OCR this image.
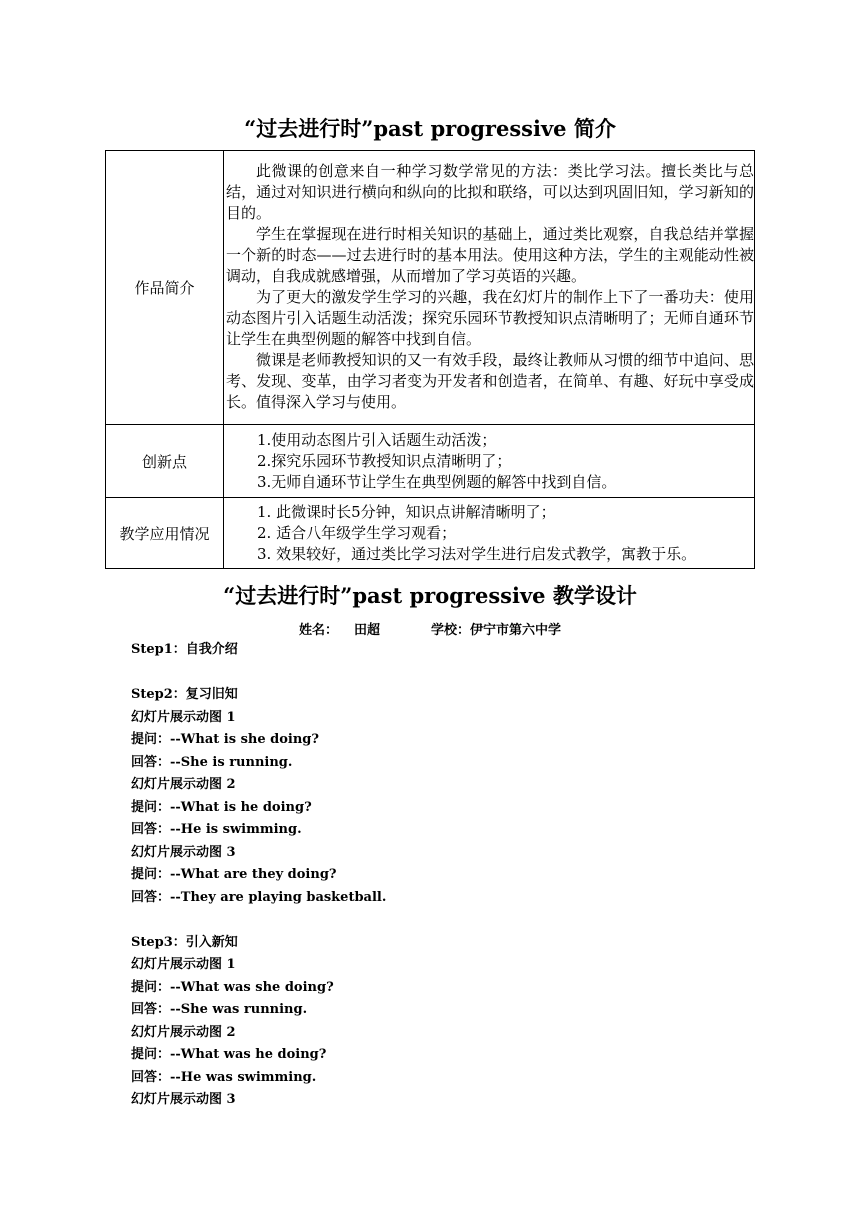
“过去进行时”past progressive 简介
作品简介	此微课的创意来自一种学习数学常见的方法：类比学习法。擅长类比与总结，通过对知识进行横向和纵向的比拟和联络，可以达到巩固旧知，学习新知的目的。

学生在掌握现在进行时相关知识的基础上，通过类比观察，自我总结并掌握一个新的时态——过去进行时的基本用法。使用这种方法，学生的主观能动性被调动，自我成就感增强，从而增加了学习英语的兴趣。

为了更大的激发学生学习的兴趣，我在幻灯片的制作上下了一番功夫：使用动态图片引入话题生动活泼；探究乐园环节教授知识点清晰明了；无师自通环节让学生在典型例题的解答中找到自信。

微课是老师教授知识的又一有效手段，最终让教师从习惯的细节中追问、思考、发现、变革，由学习者变为开发者和创造者，在简单、有趣、好玩中享受成长。值得深入学习与使用。

创新点	1.使用动态图片引入话题生动活泼；
2.探究乐园环节教授知识点清晰明了；
3.无师自通环节让学生在典型例题的解答中找到自信。

教学应用情况	1. 此微课时长5分钟，知识点讲解清晰明了；
2. 适合八年级学生学习观看；
3. 效果较好，通过类比学习法对学生进行启发式教学，寓教于乐。
“过去进行时”past progressive 教学设计
姓名： 田超	学校：伊宁市第六中学
Step1：自我介绍
Step2：复习旧知
幻灯片展示动图 1
提问：--What is she doing?
回答：--She is running.
幻灯片展示动图 2
提问：--What is he doing?
回答：--He is swimming.
幻灯片展示动图 3
提问：--What are they doing?
回答：--They are playing basketball.
Step3：引入新知
幻灯片展示动图 1
提问：--What was she doing?
回答：--She was running.
幻灯片展示动图 2
提问：--What was he doing?
回答：--He was swimming.
幻灯片展示动图 3
